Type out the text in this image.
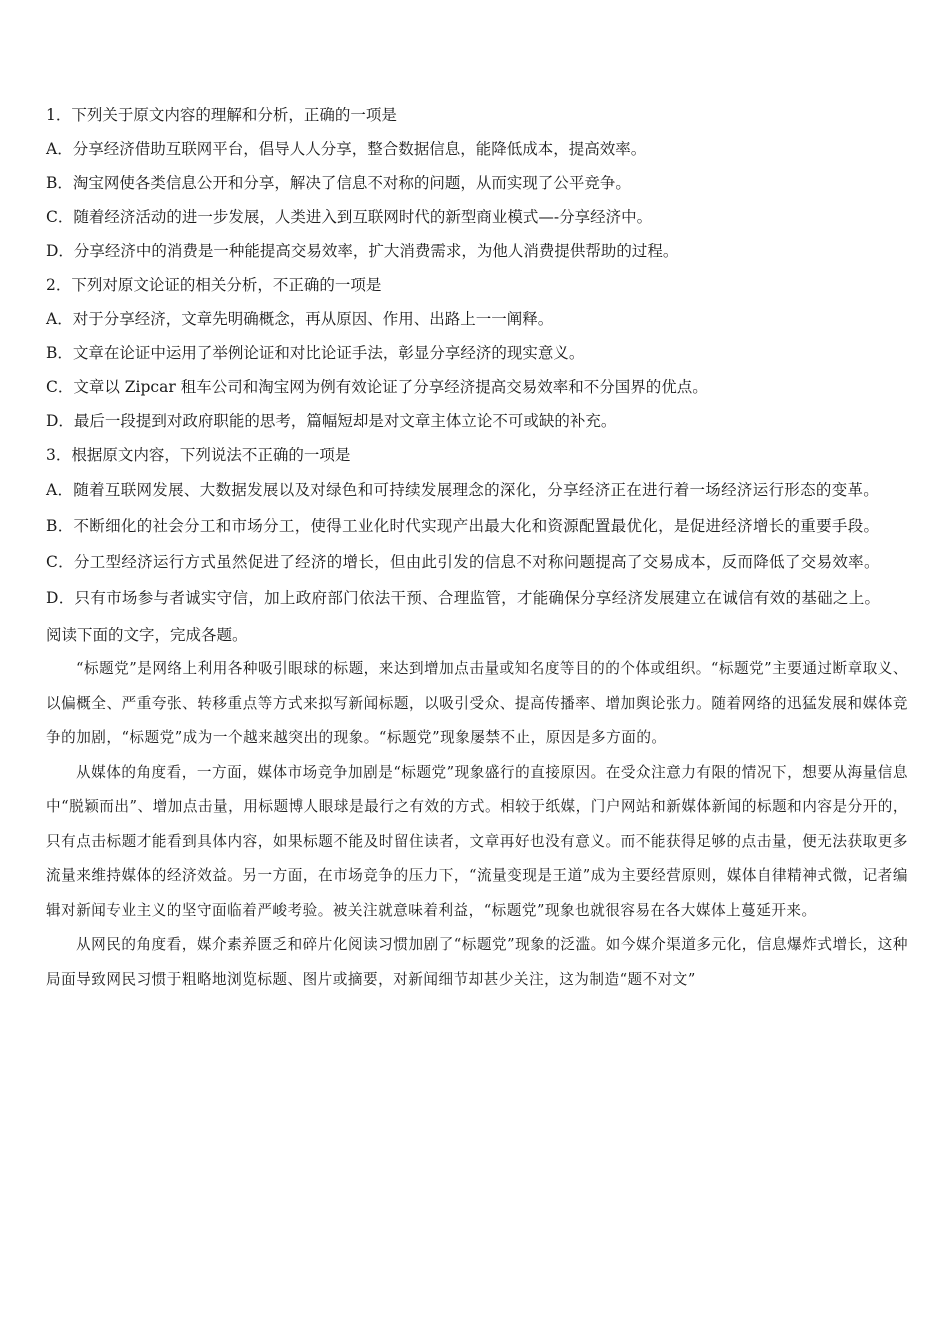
1．下列关于原文内容的理解和分析，正确的一项是

A．分享经济借助互联网平台，倡导人人分享，整合数据信息，能降低成本，提高效率。

B．淘宝网使各类信息公开和分享，解决了信息不对称的问题，从而实现了公平竞争。

C．随着经济活动的进一步发展，人类进入到互联网时代的新型商业模式—-分享经济中。

D．分享经济中的消费是一种能提高交易效率，扩大消费需求，为他人消费提供帮助的过程。

2．下列对原文论证的相关分析，不正确的一项是

A．对于分享经济，文章先明确概念，再从原因、作用、出路上一一阐释。

B．文章在论证中运用了举例论证和对比论证手法，彰显分享经济的现实意义。

C．文章以 Zipcar 租车公司和淘宝网为例有效论证了分享经济提高交易效率和不分国界的优点。

D．最后一段提到对政府职能的思考，篇幅短却是对文章主体立论不可或缺的补充。

3．根据原文内容，下列说法不正确的一项是

A．随着互联网发展、大数据发展以及对绿色和可持续发展理念的深化，分享经济正在进行着一场经济运行形态的变革。

B．不断细化的社会分工和市场分工，使得工业化时代实现产出最大化和资源配置最优化，是促进经济增长的重要手段。

C．分工型经济运行方式虽然促进了经济的增长，但由此引发的信息不对称问题提高了交易成本，反而降低了交易效率。

D．只有市场参与者诚实守信，加上政府部门依法干预、合理监管，才能确保分享经济发展建立在诚信有效的基础之上。

阅读下面的文字，完成各题。

“标题党”是网络上利用各种吸引眼球的标题，来达到增加点击量或知名度等目的的个体或组织。“标题党”主要通过断章取义、以偏概全、严重夸张、转移重点等方式来拟写新闻标题，以吸引受众、提高传播率、增加舆论张力。随着网络的迅猛发展和媒体竞争的加剧，“标题党”成为一个越来越突出的现象。“标题党”现象屡禁不止，原因是多方面的。

从媒体的角度看，一方面，媒体市场竞争加剧是“标题党”现象盛行的直接原因。在受众注意力有限的情况下，想要从海量信息中“脱颖而出”、增加点击量，用标题博人眼球是最行之有效的方式。相较于纸媒，门户网站和新媒体新闻的标题和内容是分开的，只有点击标题才能看到具体内容，如果标题不能及时留住读者，文章再好也没有意义。而不能获得足够的点击量，便无法获取更多流量来维持媒体的经济效益。另一方面，在市场竞争的压力下，“流量变现是王道”成为主要经营原则，媒体自律精神式微，记者编辑对新闻专业主义的坚守面临着严峻考验。被关注就意味着利益，“标题党”现象也就很容易在各大媒体上蔓延开来。

从网民的角度看，媒介素养匮乏和碎片化阅读习惯加剧了“标题党”现象的泛滥。如今媒介渠道多元化，信息爆炸式增长，这种局面导致网民习惯于粗略地浏览标题、图片或摘要，对新闻细节却甚少关注，这为制造“题不对文”
